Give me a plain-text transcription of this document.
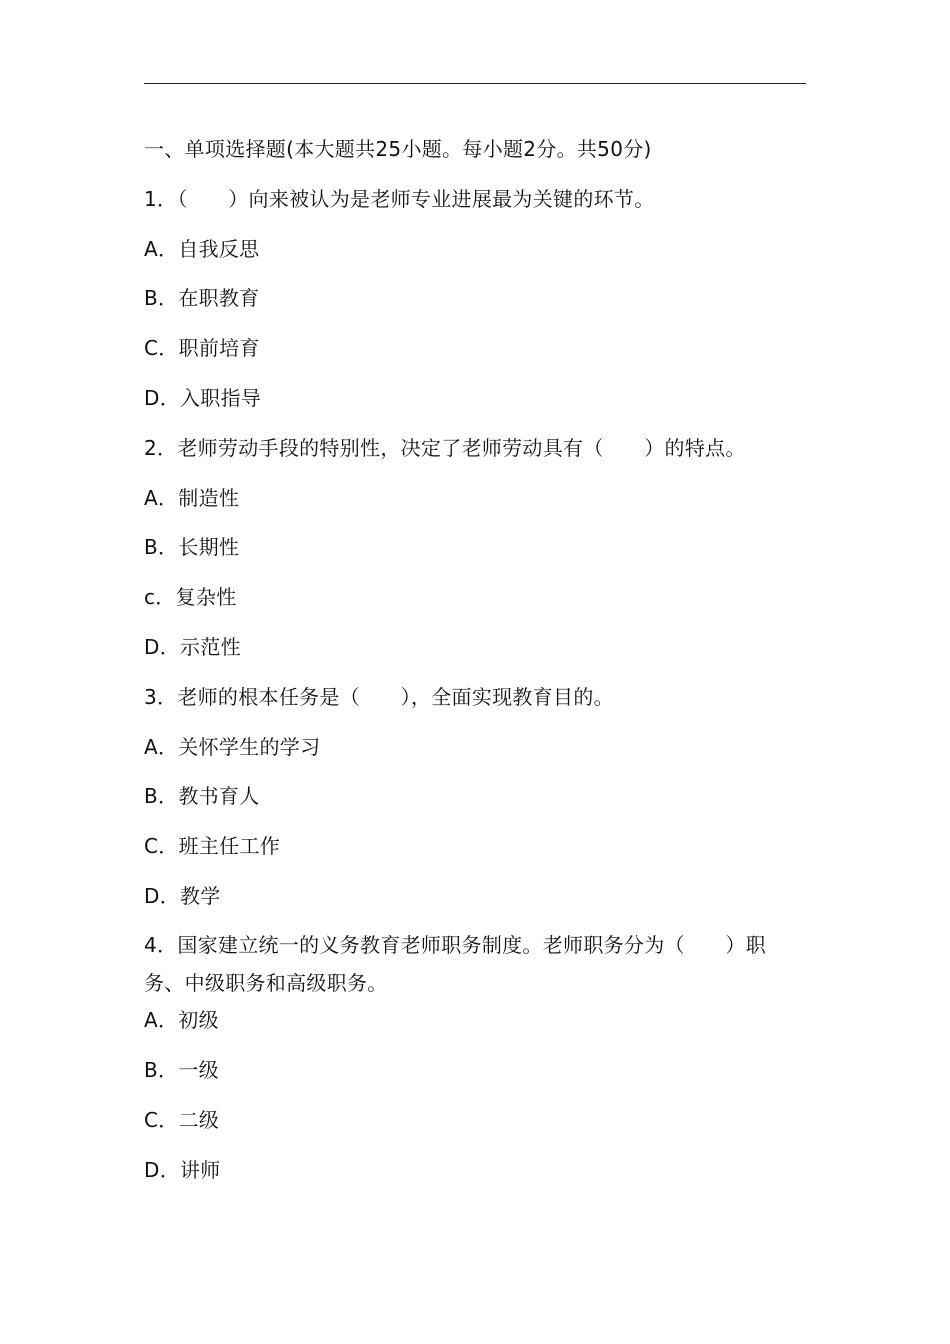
一、单项选择题(本大题共25小题。每小题2分。共50分)
1．（　　）向来被认为是老师专业进展最为关键的环节。
A．自我反思
B．在职教育
C．职前培育
D．入职指导
2．老师劳动手段的特别性，决定了老师劳动具有（　　）的特点。
A．制造性
B．长期性
c．复杂性
D．示范性
3．老师的根本任务是（　　），全面实现教育目的。
A．关怀学生的学习
B．教书育人
C．班主任工作
D．教学
4．国家建立统一的义务教育老师职务制度。老师职务分为（　　）职务、中级职务和高级职务。
A．初级
B．一级
C．二级
D．讲师
